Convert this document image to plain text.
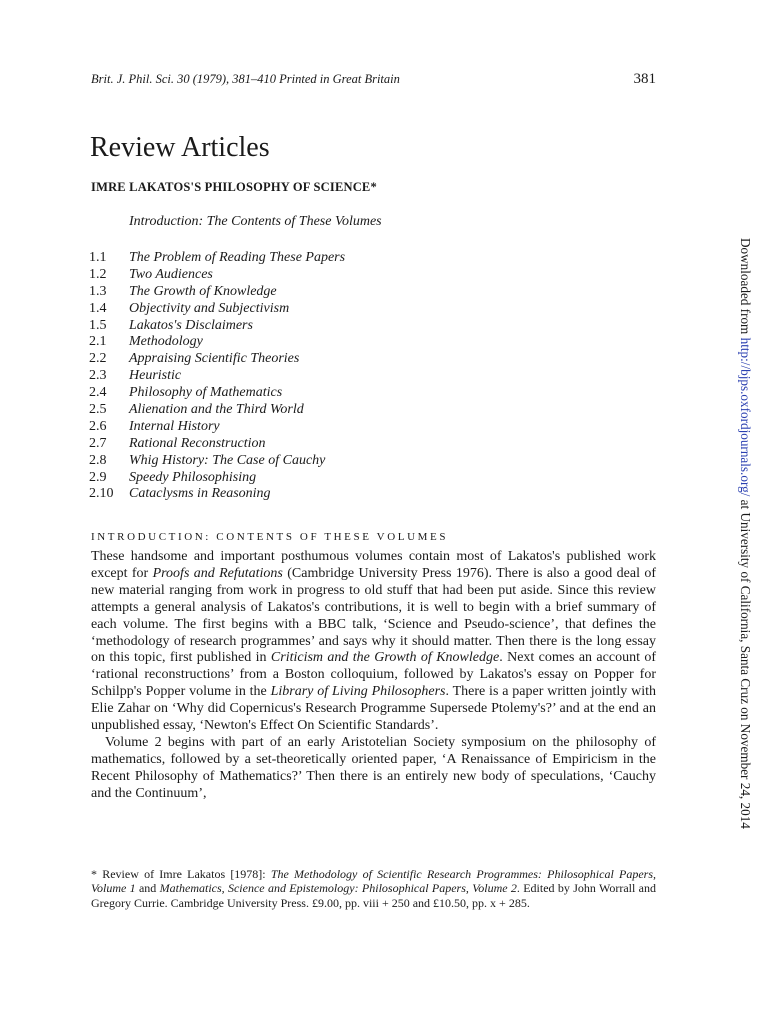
Brit. J. Phil. Sci. 30 (1979), 381–410 Printed in Great Britain	381
Review Articles
IMRE LAKATOS'S PHILOSOPHY OF SCIENCE*
Introduction: The Contents of These Volumes
1.1 The Problem of Reading These Papers
1.2 Two Audiences
1.3 The Growth of Knowledge
1.4 Objectivity and Subjectivism
1.5 Lakatos's Disclaimers
2.1 Methodology
2.2 Appraising Scientific Theories
2.3 Heuristic
2.4 Philosophy of Mathematics
2.5 Alienation and the Third World
2.6 Internal History
2.7 Rational Reconstruction
2.8 Whig History: The Case of Cauchy
2.9 Speedy Philosophising
2.10 Cataclysms in Reasoning
INTRODUCTION: CONTENTS OF THESE VOLUMES

These handsome and important posthumous volumes contain most of Lakatos's published work except for Proofs and Refutations (Cambridge University Press 1976). There is also a good deal of new material ranging from work in progress to old stuff that had been put aside. Since this review attempts a general analysis of Lakatos's contributions, it is well to begin with a brief summary of each volume. The first begins with a BBC talk, ‘Science and Pseudo-science’, that defines the ‘methodology of research programmes’ and says why it should matter. Then there is the long essay on this topic, first published in Criticism and the Growth of Knowledge. Next comes an account of ‘rational reconstructions’ from a Boston colloquium, followed by Lakatos's essay on Popper for Schilpp's Popper volume in the Library of Living Philosophers. There is a paper written jointly with Elie Zahar on ‘Why did Copernicus's Research Programme Supersede Ptolemy's?’ and at the end an unpublished essay, ‘Newton's Effect On Scientific Standards’.

Volume 2 begins with part of an early Aristotelian Society symposium on the philosophy of mathematics, followed by a set-theoretically oriented paper, ‘A Renaissance of Empiricism in the Recent Philosophy of Mathematics?’ Then there is an entirely new body of speculations, ‘Cauchy and the Continuum’,

* Review of Imre Lakatos [1978]: The Methodology of Scientific Research Programmes: Philosophical Papers, Volume 1 and Mathematics, Science and Epistemology: Philosophical Papers, Volume 2. Edited by John Worrall and Gregory Currie. Cambridge University Press. £9.00, pp. viii + 250 and £10.50, pp. x + 285.
Downloaded from http://bjps.oxfordjournals.org/ at University of California, Santa Cruz on November 24, 2014
